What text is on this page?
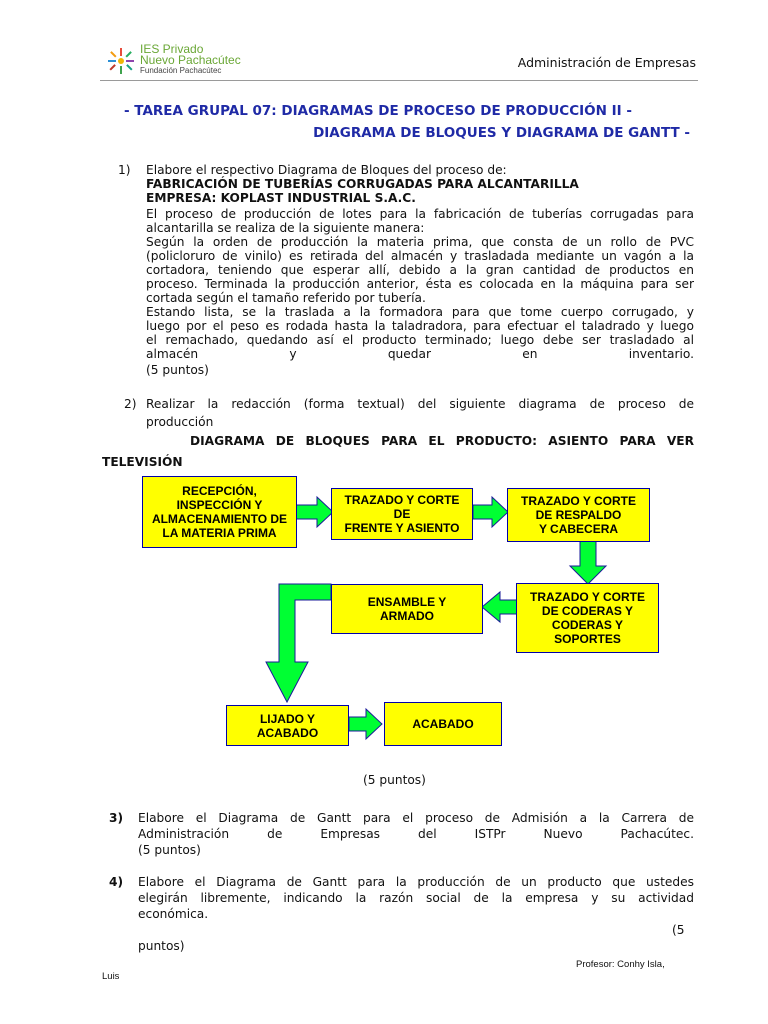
IES Privado
Nuevo Pachacútec
Fundación Pachacútec
Administración de Empresas
- TAREA GRUPAL 07: DIAGRAMAS DE PROCESO DE PRODUCCIÓN II -
DIAGRAMA DE BLOQUES Y DIAGRAMA DE GANTT -
1) Elabore el respectivo Diagrama de Bloques del proceso de:
FABRICACIÓN DE TUBERÍAS CORRUGADAS PARA ALCANTARILLA
EMPRESA: KOPLAST INDUSTRIAL S.A.C.
El proceso de producción de lotes para la fabricación de tuberías corrugadas para
alcantarilla se realiza de la siguiente manera:
Según la orden de producción la materia prima, que consta de un rollo de PVC
(policloruro de vinilo) es retirada del almacén y trasladada mediante un vagón a la
cortadora, teniendo que esperar allí, debido a la gran cantidad de productos en
proceso. Terminada la producción anterior, ésta es colocada en la máquina para ser
cortada según el tamaño referido por tubería.
Estando lista, se la traslada a la formadora para que tome cuerpo corrugado, y
luego por el peso es rodada hasta la taladradora, para efectuar el taladrado y luego
el remachado, quedando así el producto terminado; luego debe ser trasladado al
almacén y quedar en inventario.
(5 puntos)
2) Realizar la redacción (forma textual) del siguiente diagrama de proceso de
producción
DIAGRAMA DE BLOQUES PARA EL PRODUCTO: ASIENTO PARA VER
TELEVISIÓN
RECEPCIÓN,
INSPECCIÓN Y
ALMACENAMIENTO DE
LA MATERIA PRIMA
TRAZADO Y CORTE
DE
FRENTE Y ASIENTO
TRAZADO Y CORTE
DE RESPALDO
Y CABECERA
TRAZADO Y CORTE
DE CODERAS Y
CODERAS Y
SOPORTES
ENSAMBLE Y
ARMADO
LIJADO Y
ACABADO
ACABADO
(5 puntos)
3) Elabore el Diagrama de Gantt para el proceso de Admisión a la Carrera de
Administración de Empresas del ISTPr Nuevo Pachacútec.
(5 puntos)
4) Elabore el Diagrama de Gantt para la producción de un producto que ustedes
elegirán libremente, indicando la razón social de la empresa y su actividad
económica.
(5
puntos)
Profesor: Conhy Isla,
Luis
